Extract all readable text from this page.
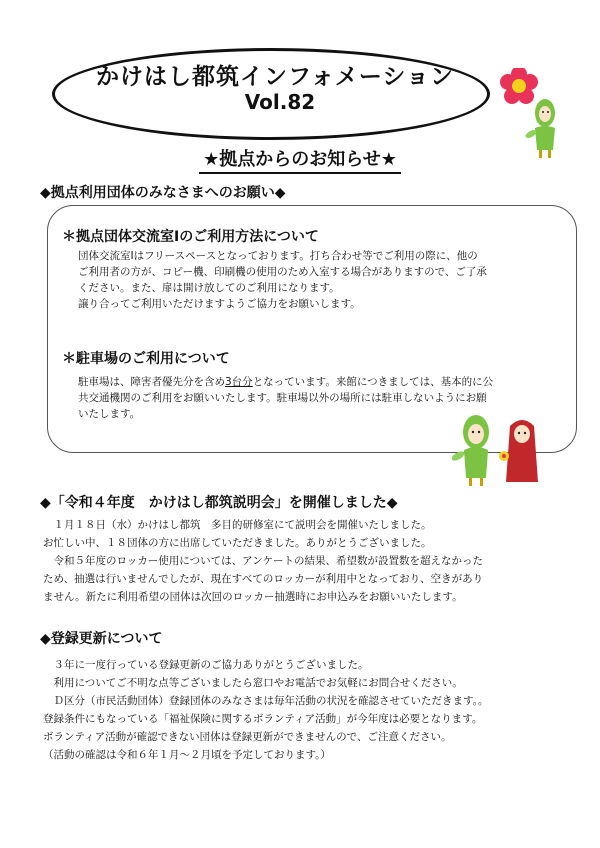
かけはし都筑インフォメーション
Vol.82
★拠点からのお知らせ★
◆拠点利用団体のみなさまへのお願い◆
＊拠点団体交流室Ⅰのご利用方法について

団体交流室Ⅰはフリースペースとなっております。打ち合わせ等でご利用の際に、他の

ご利用者の方が、コピー機、印刷機の使用のため入室する場合がありますので、ご了承

ください。また、扉は開け放してのご利用になります。

譲り合ってご利用いただけますようご協力をお願いします。

＊駐車場のご利用について

駐車場は、障害者優先分を含め3台分となっています。来館につきましては、基本的に公

共交通機関のご利用をお願いいたします。駐車場以外の場所には駐車しないようにお願

いたします。

◆「令和４年度　かけはし都筑説明会」を開催しました◆

　１月１８日（水）かけはし都筑　多目的研修室にて説明会を開催いたしました。

お忙しい中、１８団体の方に出席していただきました。ありがとうございました。

　令和５年度のロッカー使用については、アンケートの結果、希望数が設置数を超えなかった

ため、抽選は行いませんでしたが、現在すべてのロッカーが利用中となっており、空きがあり

ません。新たに利用希望の団体は次回のロッカー抽選時にお申込みをお願いいたします。

◆登録更新について

　３年に一度行っている登録更新のご協力ありがとうございました。

　利用についてご不明な点等ございましたら窓口やお電話でお気軽にお問合せください。

　Ｄ区分（市民活動団体）登録団体のみなさまは毎年活動の状況を確認させていただきます。。

登録条件にもなっている「福祉保険に関するボランティア活動」が今年度は必要となります。

ボランティア活動が確認できない団体は登録更新ができませんので、ご注意ください。

（活動の確認は令和６年１月～２月頃を予定しております。）
